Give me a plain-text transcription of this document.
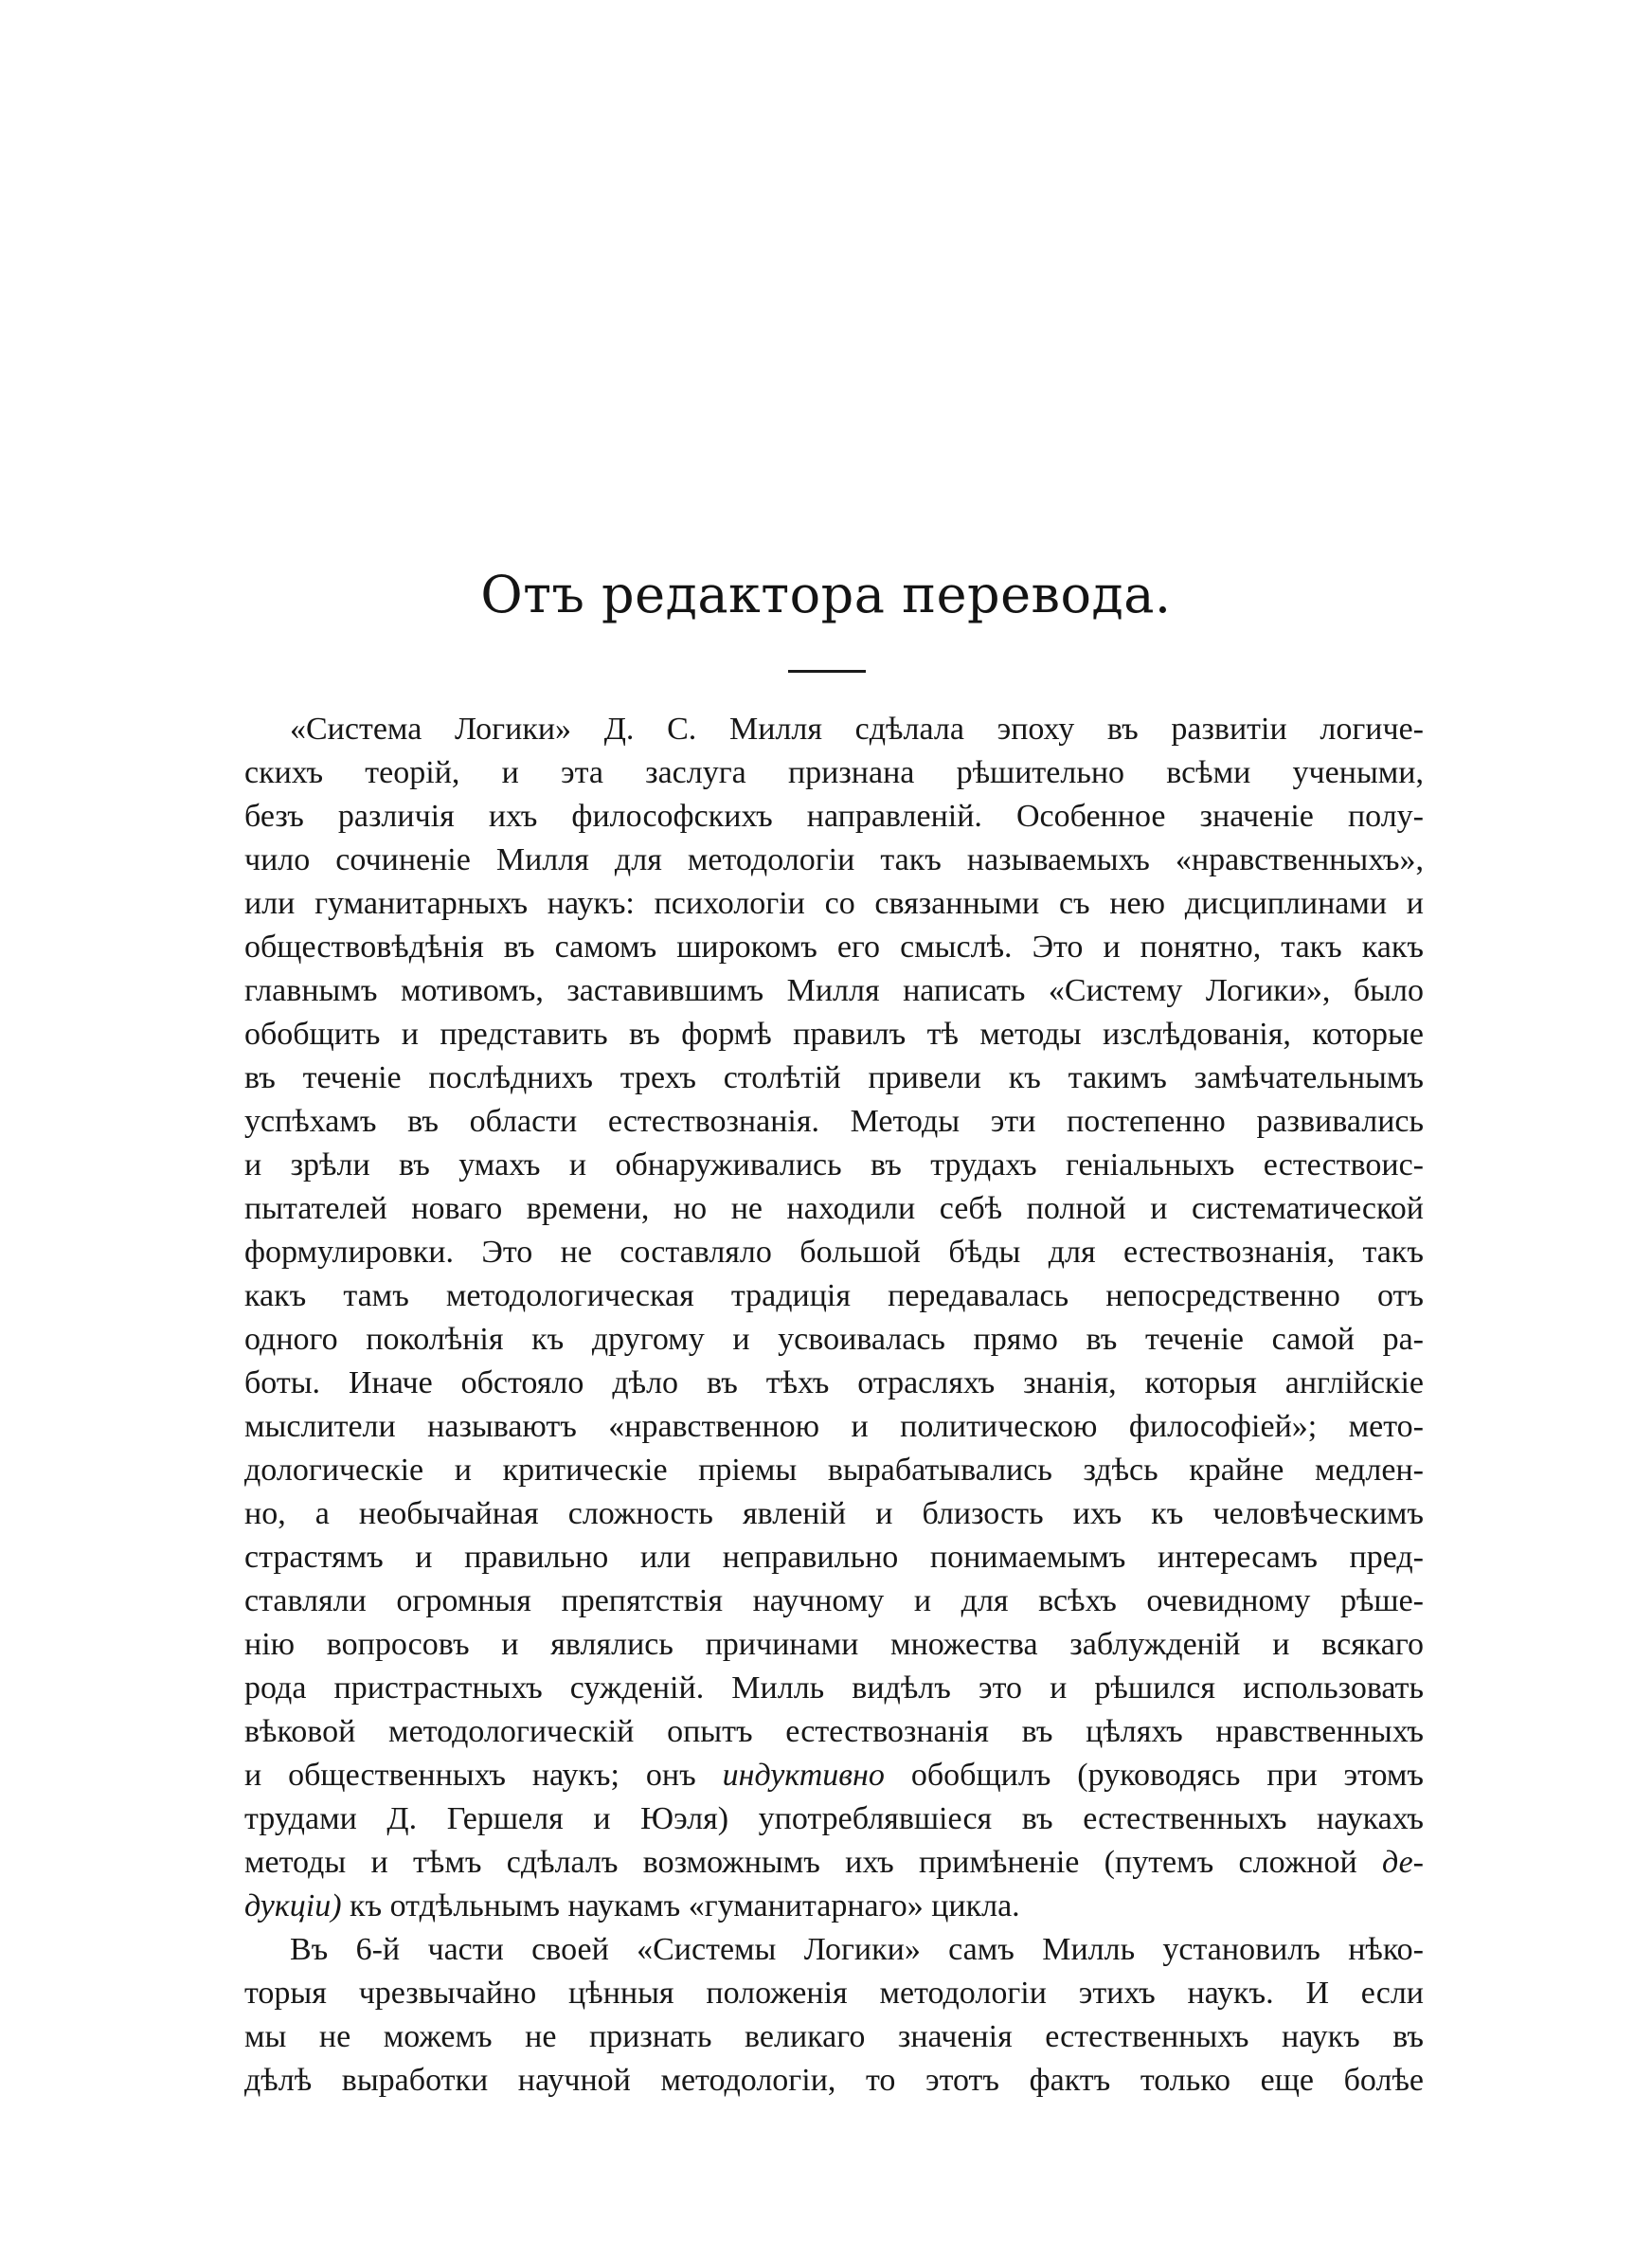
Отъ редактора перевода.
«Система Логики» Д. С. Милля сдѣлала эпоху въ развитіи логиче-
скихъ теорій, и эта заслуга признана рѣшительно всѣми учеными,
безъ различія ихъ философскихъ направленій. Особенное значеніе полу-
чило сочиненіе Милля для методологіи такъ называемыхъ «нравственныхъ»,
или гуманитарныхъ наукъ: психологіи со связанными съ нею дисциплинами и
обществовѣдѣнія въ самомъ широкомъ его смыслѣ. Это и понятно, такъ какъ
главнымъ мотивомъ, заставившимъ Милля написать «Систему Логики», было
обобщить и представить въ формѣ правилъ тѣ методы изслѣдованія, которые
въ теченіе послѣднихъ трехъ столѣтій привели къ такимъ замѣчательнымъ
успѣхамъ въ области естествознанія. Методы эти постепенно развивались
и зрѣли въ умахъ и обнаруживались въ трудахъ геніальныхъ естествоис-
пытателей новаго времени, но не находили себѣ полной и систематической
формулировки. Это не составляло большой бѣды для естествознанія, такъ
какъ тамъ методологическая традиція передавалась непосредственно отъ
одного поколѣнія къ другому и усвоивалась прямо въ теченіе самой ра-
боты. Иначе обстояло дѣло въ тѣхъ отрасляхъ знанія, которыя англійскіе
мыслители называютъ «нравственною и политическою философіей»; мето-
дологическіе и критическіе пріемы вырабатывались здѣсь крайне медлен-
но, а необычайная сложность явленій и близость ихъ къ человѣческимъ
страстямъ и правильно или неправильно понимаемымъ интересамъ пред-
ставляли огромныя препятствія научному и для всѣхъ очевидному рѣше-
нію вопросовъ и являлись причинами множества заблужденій и всякаго
рода пристрастныхъ сужденій. Милль видѣлъ это и рѣшился использовать
вѣковой методологическій опытъ естествознанія въ цѣляхъ нравственныхъ
и общественныхъ наукъ; онъ индуктивно обобщилъ (руководясь при этомъ
трудами Д. Гершеля и Юэля) употреблявшіеся въ естественныхъ наукахъ
методы и тѣмъ сдѣлалъ возможнымъ ихъ примѣненіе (путемъ сложной де-
дукціи) къ отдѣльнымъ наукамъ «гуманитарнаго» цикла.
Въ 6-й части своей «Системы Логики» самъ Милль установилъ нѣко-
торыя чрезвычайно цѣнныя положенія методологіи этихъ наукъ. И если
мы не можемъ не признать великаго значенія естественныхъ наукъ въ
дѣлѣ выработки научной методологіи, то этотъ фактъ только еще болѣе
